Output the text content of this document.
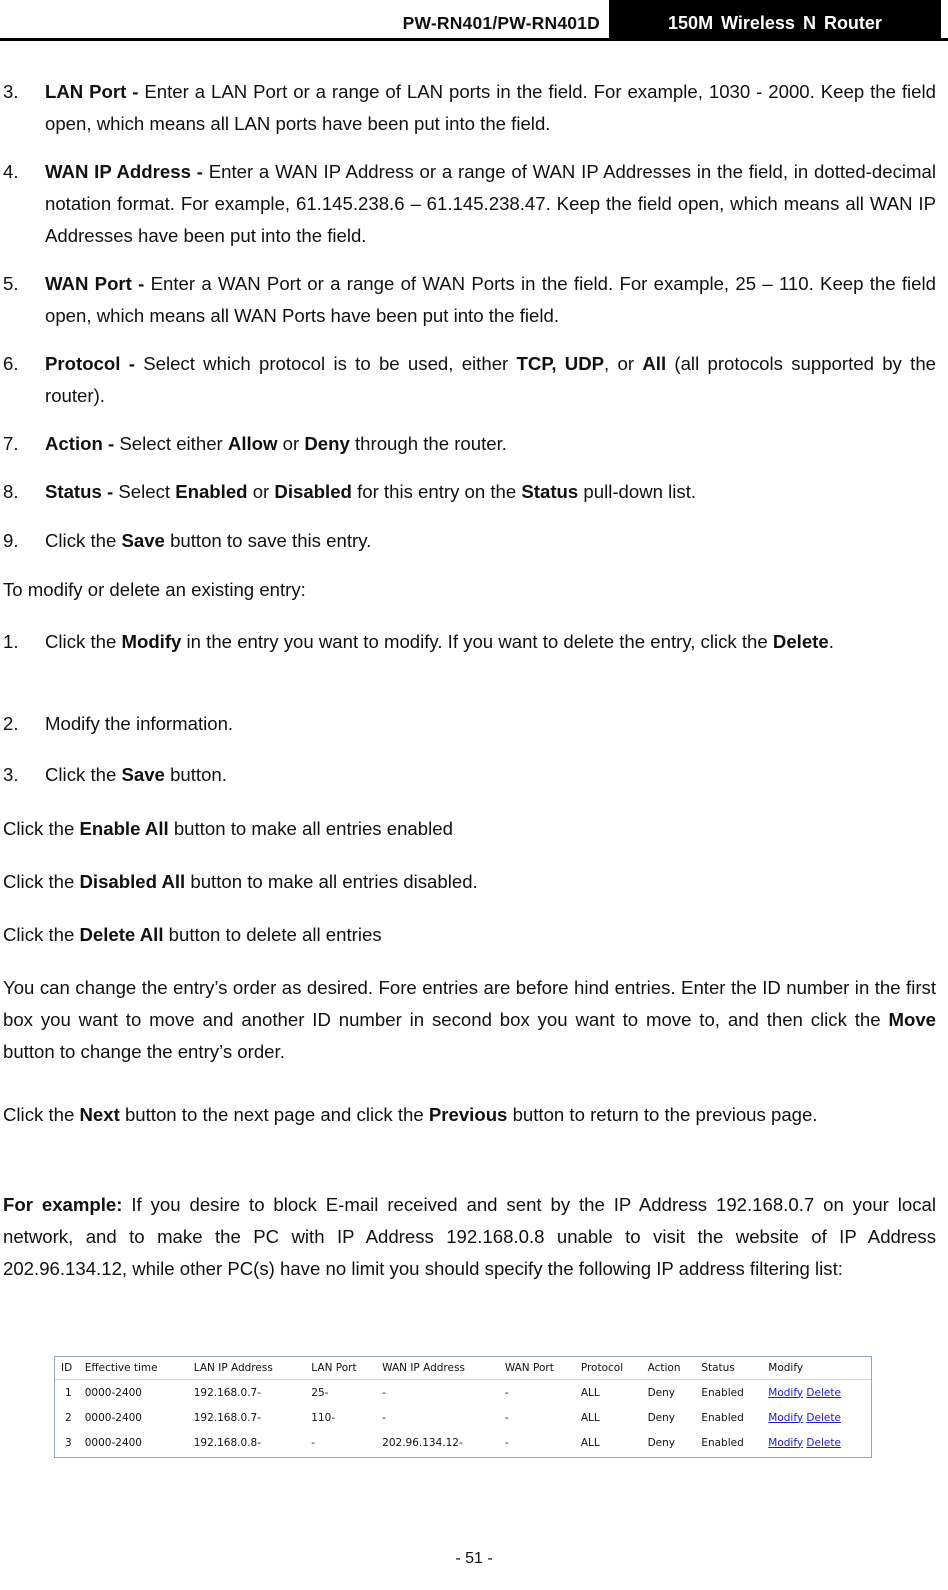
PW-RN401/PW-RN401D	150M Wireless N Router
3. LAN Port - Enter a LAN Port or a range of LAN ports in the field. For example, 1030 - 2000. Keep the field open, which means all LAN ports have been put into the field.
4. WAN IP Address - Enter a WAN IP Address or a range of WAN IP Addresses in the field, in dotted-decimal notation format. For example, 61.145.238.6 – 61.145.238.47. Keep the field open, which means all WAN IP Addresses have been put into the field.
5. WAN Port - Enter a WAN Port or a range of WAN Ports in the field. For example, 25 – 110. Keep the field open, which means all WAN Ports have been put into the field.
6. Protocol - Select which protocol is to be used, either TCP, UDP, or All (all protocols supported by the router).
7. Action - Select either Allow or Deny through the router.
8. Status - Select Enabled or Disabled for this entry on the Status pull-down list.
9. Click the Save button to save this entry.
To modify or delete an existing entry:
1. Click the Modify in the entry you want to modify. If you want to delete the entry, click the Delete.
2. Modify the information.
3. Click the Save button.
Click the Enable All button to make all entries enabled
Click the Disabled All button to make all entries disabled.
Click the Delete All button to delete all entries
You can change the entry’s order as desired. Fore entries are before hind entries. Enter the ID number in the first box you want to move and another ID number in second box you want to move to, and then click the Move button to change the entry’s order.
Click the Next button to the next page and click the Previous button to return to the previous page.
For example: If you desire to block E-mail received and sent by the IP Address 192.168.0.7 on your local network, and to make the PC with IP Address 192.168.0.8 unable to visit the website of IP Address 202.96.134.12, while other PC(s) have no limit you should specify the following IP address filtering list:
ID	Effective time	LAN IP Address	LAN Port	WAN IP Address	WAN Port	Protocol	Action	Status	Modify
1	0000-2400	192.168.0.7-	25-	-	-	ALL	Deny	Enabled	Modify Delete
2	0000-2400	192.168.0.7-	110-	-	-	ALL	Deny	Enabled	Modify Delete
3	0000-2400	192.168.0.8-	-	202.96.134.12-	-	ALL	Deny	Enabled	Modify Delete
- 51 -
